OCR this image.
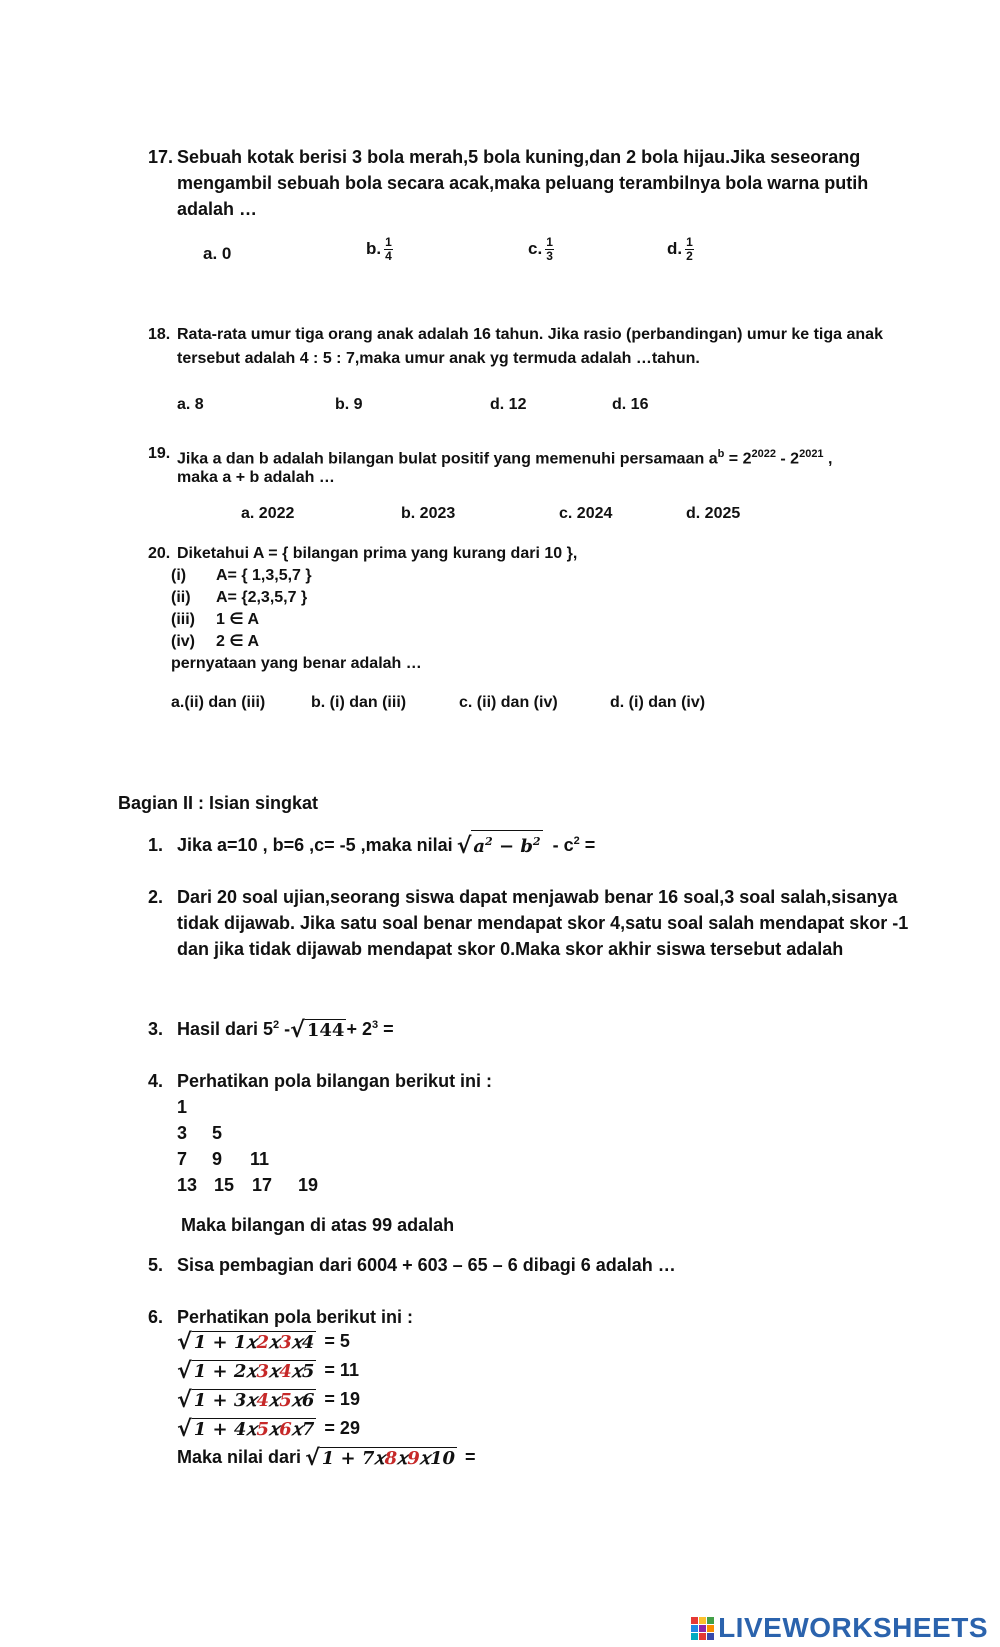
17. Sebuah kotak berisi 3 bola merah,5 bola kuning,dan 2 bola hijau.Jika seseorang
mengambil sebuah bola secara acak,maka peluang terambilnya bola warna putih
adalah …
a. 0	b. $\frac{1}{4}$	c. $\frac{1}{3}$	d. $\frac{1}{2}$
18. Rata-rata umur tiga orang anak adalah 16 tahun. Jika rasio (perbandingan) umur ke tiga anak
tersebut adalah 4 : 5 : 7,maka umur anak yg termuda adalah …tahun.
a. 8	b. 9	d. 12	d. 16
19. Jika a dan b adalah bilangan bulat positif yang memenuhi persamaan $a^b = 2^{2022} - 2^{2021}$ ,
maka a + b adalah …
a. 2022	b. 2023	c. 2024	d. 2025
20. Diketahui A = { bilangan prima yang kurang dari 10 },
(i) A= { 1,3,5,7 }
(ii) A= {2,3,5,7 }
(iii) 1 ∈ A
(iv) 2 ∈ A
pernyataan yang benar adalah …
a.(ii) dan (iii)	b. (i) dan (iii)	c. (ii) dan (iv)	d. (i) dan (iv)
Bagian II : Isian singkat
1. Jika a=10 , b=6 ,c= -5 ,maka nilai √ $a^2 - b^2 - c^2$ =
2. Dari 20 soal ujian,seorang siswa dapat menjawab benar 16 soal,3 soal salah,sisanya
tidak dijawab. Jika satu soal benar mendapat skor 4,satu soal salah mendapat skor -1
dan jika tidak dijawab mendapat skor 0.Maka skor akhir siswa tersebut adalah
3. Hasil dari $5^2$ - √ $144 + 2^3$ =
4. Perhatikan pola bilangan berikut ini :
1
3 5
7 9 11
13 15 17 19
Maka bilangan di atas 99 adalah
5. Sisa pembagian dari 6004 + 603 – 65 – 6 dibagi 6 adalah …
6. Perhatikan pola berikut ini :
√ 1 + 1𝑥2𝑥3𝑥4 = 5
√ 1 + 2𝑥3𝑥4𝑥5 = 11
√ 1 + 3𝑥4𝑥5𝑥6 = 19
√ 1 + 4𝑥5𝑥6𝑥7 = 29
Maka nilai dari √ 1 + 7𝑥8𝑥9𝑥10 =
LIVEWORKSHEETS
